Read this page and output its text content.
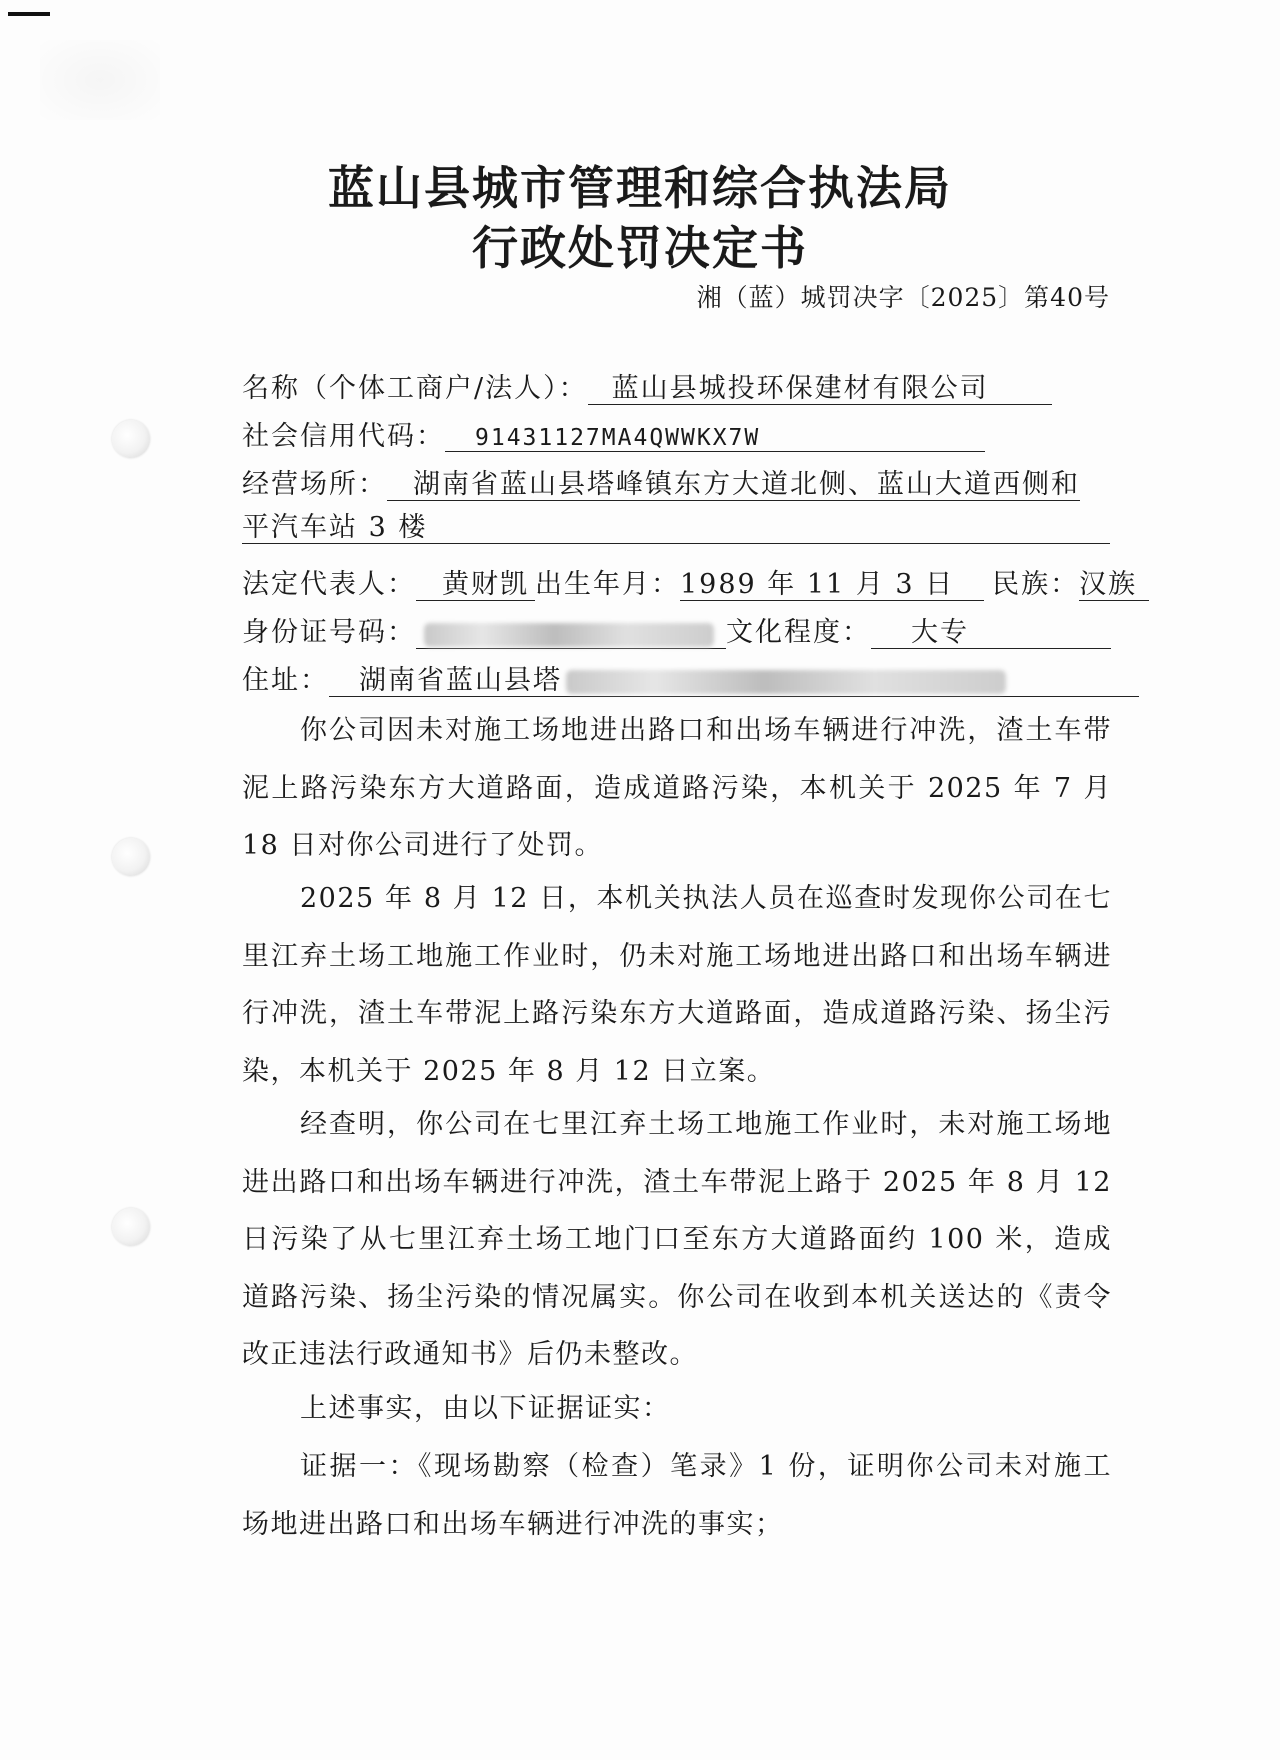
蓝山县城市管理和综合执法局
行政处罚决定书
湘（蓝）城罚决字〔2025〕第40号
名称（个体工商户/法人）： 蓝山县城投环保建材有限公司
社会信用代码： 91431127MA4QWWKX7W
经营场所： 湖南省蓝山县塔峰镇东方大道北侧、蓝山大道西侧和
平汽车站 3 楼
法定代表人： 黄财凯 出生年月：1989 年 11 月 3 日 民族：汉族
身份证号码：	文化程度： 大专
住址： 湖南省蓝山县塔

你公司因未对施工场地进出路口和出场车辆进行冲洗，渣土车带泥上路污染东方大道路面，造成道路污染，本机关于 2025 年 7 月 18 日对你公司进行了处罚。

2025 年 8 月 12 日，本机关执法人员在巡查时发现你公司在七里江弃土场工地施工作业时，仍未对施工场地进出路口和出场车辆进行冲洗，渣土车带泥上路污染东方大道路面，造成道路污染、扬尘污染，本机关于 2025 年 8 月 12 日立案。

经查明，你公司在七里江弃土场工地施工作业时，未对施工场地进出路口和出场车辆进行冲洗，渣土车带泥上路于 2025 年 8 月 12 日污染了从七里江弃土场工地门口至东方大道路面约 100 米，造成道路污染、扬尘污染的情况属实。你公司在收到本机关送达的《责令改正违法行政通知书》后仍未整改。

上述事实，由以下证据证实：

证据一：《现场勘察（检查）笔录》1 份，证明你公司未对施工场地进出路口和出场车辆进行冲洗的事实；
